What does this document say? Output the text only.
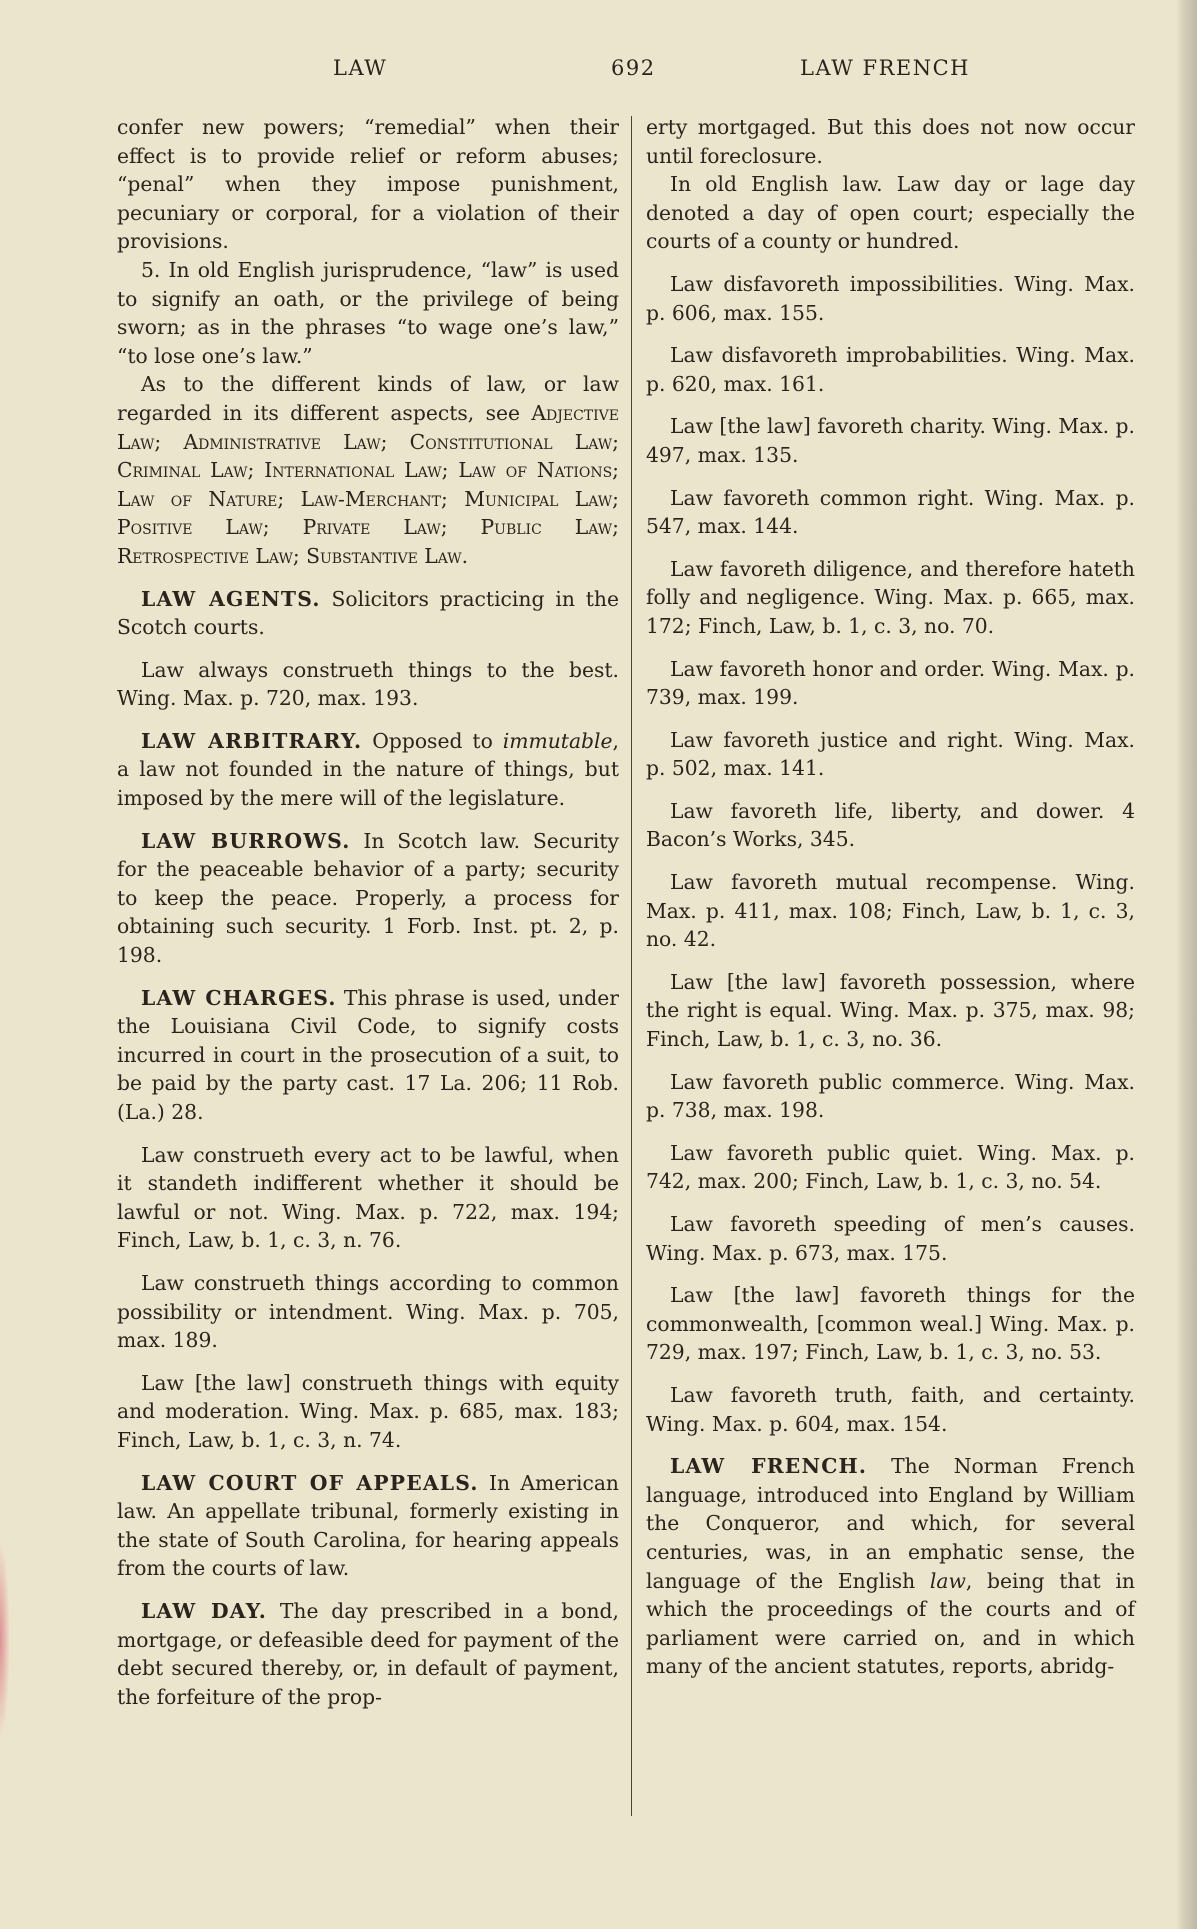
LAW	692	LAW FRENCH

confer new powers; “remedial” when their effect is to provide relief or reform abuses; “penal” when they impose punishment, pecuniary or corporal, for a violation of their provisions.

5. In old English jurisprudence, “law” is used to signify an oath, or the privilege of being sworn; as in the phrases “to wage one’s law,” “to lose one’s law.”

As to the different kinds of law, or law regarded in its different aspects, see Adjective Law; Administrative Law; Constitutional Law; Criminal Law; International Law; Law of Nations; Law of Nature; Law-Merchant; Municipal Law; Positive Law; Private Law; Public Law; Retrospective Law; Substantive Law.

LAW AGENTS. Solicitors practicing in the Scotch courts.

Law always construeth things to the best. Wing. Max. p. 720, max. 193.

LAW ARBITRARY. Opposed to immutable, a law not founded in the nature of things, but imposed by the mere will of the legislature.

LAW BURROWS. In Scotch law. Security for the peaceable behavior of a party; security to keep the peace. Properly, a process for obtaining such security. 1 Forb. Inst. pt. 2, p. 198.

LAW CHARGES. This phrase is used, under the Louisiana Civil Code, to signify costs incurred in court in the prosecution of a suit, to be paid by the party cast. 17 La. 206; 11 Rob. (La.) 28.

Law construeth every act to be lawful, when it standeth indifferent whether it should be lawful or not. Wing. Max. p. 722, max. 194; Finch, Law, b. 1, c. 3, n. 76.

Law construeth things according to common possibility or intendment. Wing. Max. p. 705, max. 189.

Law [the law] construeth things with equity and moderation. Wing. Max. p. 685, max. 183; Finch, Law, b. 1, c. 3, n. 74.

LAW COURT OF APPEALS. In American law. An appellate tribunal, formerly existing in the state of South Carolina, for hearing appeals from the courts of law.

LAW DAY. The day prescribed in a bond, mortgage, or defeasible deed for payment of the debt secured thereby, or, in default of payment, the forfeiture of the prop-

erty mortgaged. But this does not now occur until foreclosure.

In old English law. Law day or lage day denoted a day of open court; especially the courts of a county or hundred.

Law disfavoreth impossibilities. Wing. Max. p. 606, max. 155.

Law disfavoreth improbabilities. Wing. Max. p. 620, max. 161.

Law [the law] favoreth charity. Wing. Max. p. 497, max. 135.

Law favoreth common right. Wing. Max. p. 547, max. 144.

Law favoreth diligence, and therefore hateth folly and negligence. Wing. Max. p. 665, max. 172; Finch, Law, b. 1, c. 3, no. 70.

Law favoreth honor and order. Wing. Max. p. 739, max. 199.

Law favoreth justice and right. Wing. Max. p. 502, max. 141.

Law favoreth life, liberty, and dower. 4 Bacon’s Works, 345.

Law favoreth mutual recompense. Wing. Max. p. 411, max. 108; Finch, Law, b. 1, c. 3, no. 42.

Law [the law] favoreth possession, where the right is equal. Wing. Max. p. 375, max. 98; Finch, Law, b. 1, c. 3, no. 36.

Law favoreth public commerce. Wing. Max. p. 738, max. 198.

Law favoreth public quiet. Wing. Max. p. 742, max. 200; Finch, Law, b. 1, c. 3, no. 54.

Law favoreth speeding of men’s causes. Wing. Max. p. 673, max. 175.

Law [the law] favoreth things for the commonwealth, [common weal.] Wing. Max. p. 729, max. 197; Finch, Law, b. 1, c. 3, no. 53.

Law favoreth truth, faith, and certainty. Wing. Max. p. 604, max. 154.

LAW FRENCH. The Norman French language, introduced into England by William the Conqueror, and which, for several centuries, was, in an emphatic sense, the language of the English law, being that in which the proceedings of the courts and of parliament were carried on, and in which many of the ancient statutes, reports, abridg-
